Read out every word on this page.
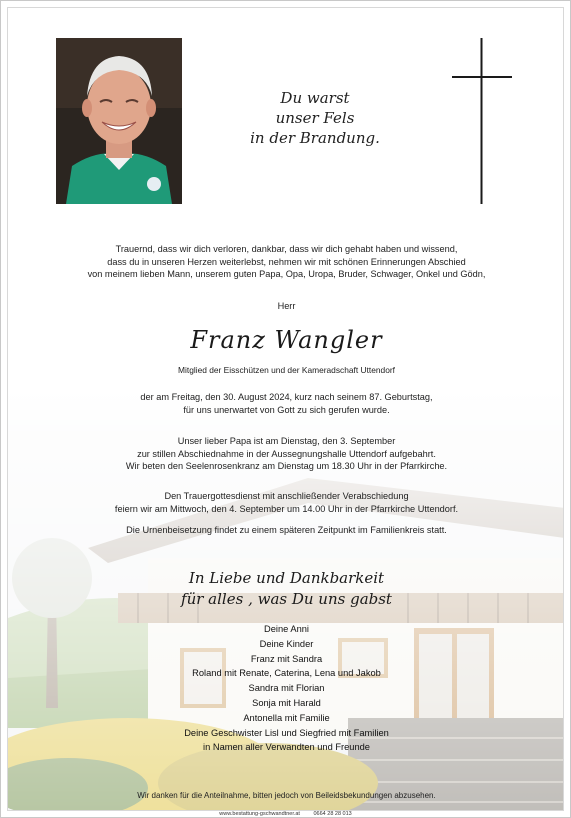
Du warst
unser Fels
in der Brandung.
Trauernd, dass wir dich verloren, dankbar, dass wir dich gehabt haben und wissend,
dass du in unseren Herzen weiterlebst, nehmen wir mit schönen Erinnerungen Abschied
von meinem lieben Mann, unserem guten Papa, Opa, Uropa, Bruder, Schwager, Onkel und Gödn,
Herr
Franz Wangler
Mitglied der Eisschützen und der Kameradschaft Uttendorf
der am Freitag, den 30. August 2024, kurz nach seinem 87. Geburtstag,
für uns unerwartet von Gott zu sich gerufen wurde.
Unser lieber Papa ist am Dienstag, den 3. September
zur stillen Abschiednahme in der Aussegnungshalle Uttendorf aufgebahrt.
Wir beten den Seelenrosenkranz am Dienstag um 18.30 Uhr in der Pfarrkirche.
Den Trauergottesdienst mit anschließender Verabschiedung
feiern wir am Mittwoch, den 4. September um 14.00 Uhr in der Pfarrkirche Uttendorf.
Die Urnenbeisetzung findet zu einem späteren Zeitpunkt im Familienkreis statt.
In Liebe und Dankbarkeit
für alles , was Du uns gabst
Deine Anni
Deine Kinder
Franz mit Sandra
Roland mit Renate, Caterina, Lena und Jakob
Sandra mit Florian
Sonja mit Harald
Antonella mit Familie
Deine Geschwister Lisl und Siegfried mit Familien
in Namen aller Verwandten und Freunde
Wir danken für die Anteilnahme, bitten jedoch von Beileidsbekundungen abzusehen.
www.bestattung-gschwandtner.at 0664 28 28 013
